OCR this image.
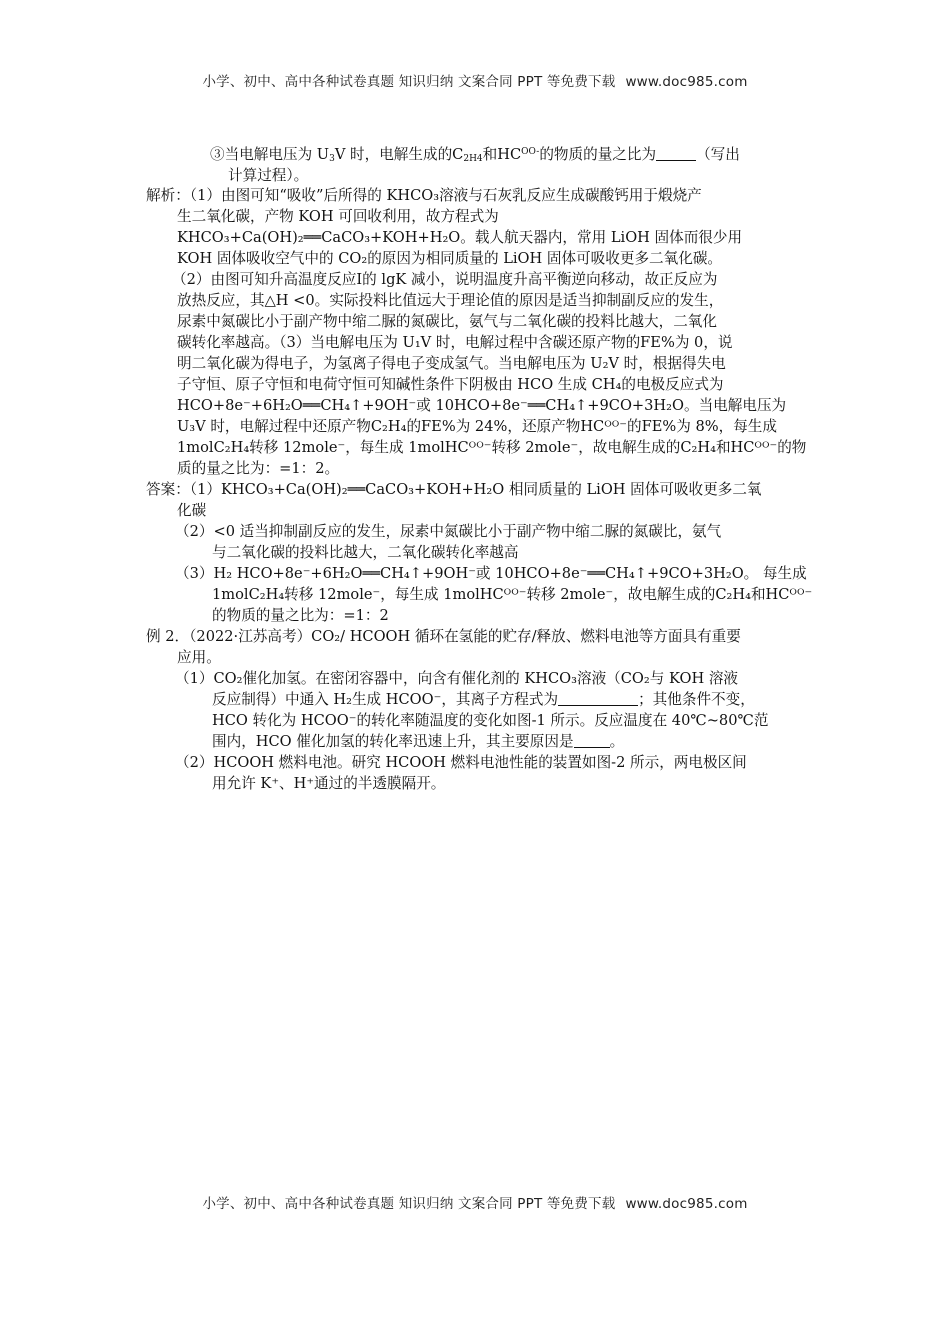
小学、初中、高中各种试卷真题 知识归纳 文案合同 PPT 等免费下载 www.doc985.com
③当电解电压为 $U_3V$ 时，电解生成的$C_{2H4}$和$HC^{OO-}$的物质的量之比为	（写出
计算过程）。
解析：（1）由图可知“吸收”后所得的 KHCO₃溶液与石灰乳反应生成碳酸钙用于煅烧产
生二氧化碳，产物 KOH 可回收利用，故方程式为
KHCO₃+Ca(OH)₂══CaCO₃+KOH+H₂O。载人航天器内，常用 LiOH 固体而很少用
KOH 固体吸收空气中的 CO₂的原因为相同质量的 LiOH 固体可吸收更多二氧化碳。
（2）由图可知升高温度反应Ⅰ的 lgK 减小，说明温度升高平衡逆向移动，故正反应为
放热反应，其△H <0。实际投料比值远大于理论值的原因是适当抑制副反应的发生，
尿素中氮碳比小于副产物中缩二脲的氮碳比，氨气与二氧化碳的投料比越大，二氧化
碳转化率越高。（3）当电解电压为 U₁V 时，电解过程中含碳还原产物的FE%为 0，说
明二氧化碳为得电子，为氢离子得电子变成氢气。当电解电压为 U₂V 时，根据得失电
子守恒、原子守恒和电荷守恒可知碱性条件下阴极由 HCO 生成 CH₄的电极反应式为
HCO+8e⁻+6H₂O══CH₄↑+9OH⁻或 10HCO+8e⁻══CH₄↑+9CO+3H₂O。当电解电压为
U₃V 时，电解过程中还原产物C₂H₄的FE%为 24%，还原产物HCᴼᴼ⁻的FE%为 8%，每生成
1molC₂H₄转移 12mole⁻，每生成 1molHCᴼᴼ⁻转移 2mole⁻，故电解生成的C₂H₄和HCᴼᴼ⁻的物
质的量之比为：=1：2。
答案：（1）KHCO₃+Ca(OH)₂══CaCO₃+KOH+H₂O 相同质量的 LiOH 固体可吸收更多二氧
化碳
（2）<0 适当抑制副反应的发生，尿素中氮碳比小于副产物中缩二脲的氮碳比，氨气
与二氧化碳的投料比越大，二氧化碳转化率越高
（3）H₂ HCO+8e⁻+6H₂O══CH₄↑+9OH⁻或 10HCO+8e⁻══CH₄↑+9CO+3H₂O。 每生成
1molC₂H₄转移 12mole⁻，每生成 1molHCᴼᴼ⁻转移 2mole⁻，故电解生成的C₂H₄和HCᴼᴼ⁻
的物质的量之比为：=1：2
例 2．（2022·江苏高考）CO₂/ HCOOH 循环在氢能的贮存/释放、燃料电池等方面具有重要
应用。
（1）CO₂催化加氢。在密闭容器中，向含有催化剂的 KHCO₃溶液（CO₂与 KOH 溶液
反应制得）中通入 H₂生成 HCOO⁻，其离子方程式为	；其他条件不变，
HCO 转化为 HCOO⁻的转化率随温度的变化如图-1 所示。反应温度在 40℃~80℃范
围内，HCO 催化加氢的转化率迅速上升，其主要原因是 。
（2）HCOOH 燃料电池。研究 HCOOH 燃料电池性能的装置如图-2 所示，两电极区间
用允许 K⁺、H⁺通过的半透膜隔开。
小学、初中、高中各种试卷真题 知识归纳 文案合同 PPT 等免费下载 www.doc985.com
